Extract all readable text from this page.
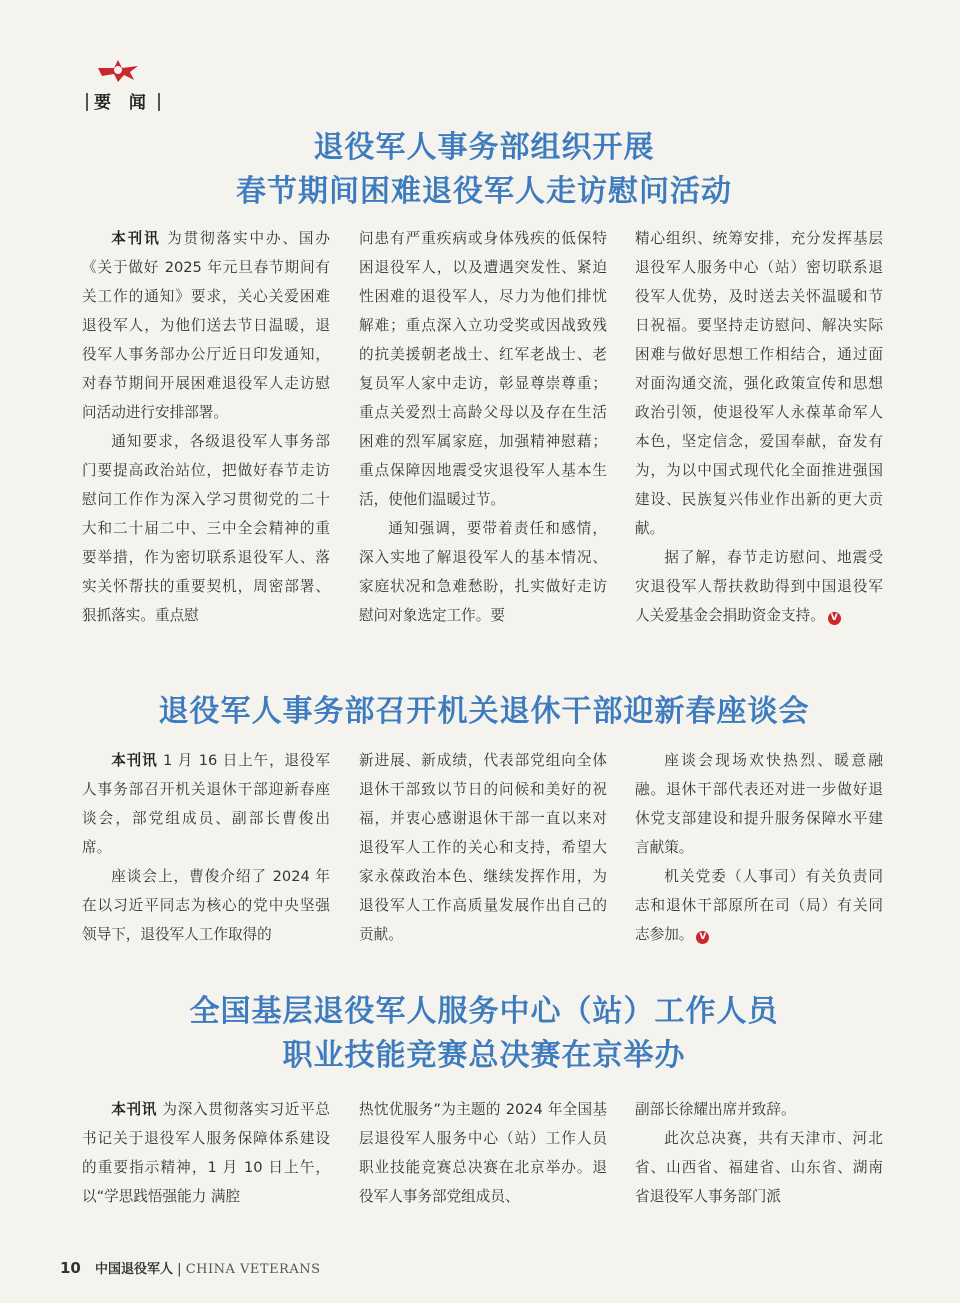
要 闻
退役军人事务部组织开展
春节期间困难退役军人走访慰问活动

本刊讯 为贯彻落实中办、国办《关于做好 2025 年元旦春节期间有关工作的通知》要求，关心关爱困难退役军人，为他们送去节日温暖，退役军人事务部办公厅近日印发通知，对春节期间开展困难退役军人走访慰问活动进行安排部署。

通知要求，各级退役军人事务部门要提高政治站位，把做好春节走访慰问工作作为深入学习贯彻党的二十大和二十届二中、三中全会精神的重要举措，作为密切联系退役军人、落实关怀帮扶的重要契机，周密部署、狠抓落实。重点慰

问患有严重疾病或身体残疾的低保特困退役军人，以及遭遇突发性、紧迫性困难的退役军人，尽力为他们排忧解难；重点深入立功受奖或因战致残的抗美援朝老战士、红军老战士、老复员军人家中走访，彰显尊崇尊重；重点关爱烈士高龄父母以及存在生活困难的烈军属家庭，加强精神慰藉；重点保障因地震受灾退役军人基本生活，使他们温暖过节。

通知强调，要带着责任和感情，深入实地了解退役军人的基本情况、家庭状况和急难愁盼，扎实做好走访慰问对象选定工作。要

精心组织、统筹安排，充分发挥基层退役军人服务中心（站）密切联系退役军人优势，及时送去关怀温暖和节日祝福。要坚持走访慰问、解决实际困难与做好思想工作相结合，通过面对面沟通交流，强化政策宣传和思想政治引领，使退役军人永葆革命军人本色，坚定信念，爱国奉献，奋发有为，为以中国式现代化全面推进强国建设、民族复兴伟业作出新的更大贡献。

据了解，春节走访慰问、地震受灾退役军人帮扶救助得到中国退役军人关爱基金会捐助资金支持。 V

退役军人事务部召开机关退休干部迎新春座谈会

本刊讯 1 月 16 日上午，退役军人事务部召开机关退休干部迎新春座谈会，部党组成员、副部长曹俊出席。

座谈会上，曹俊介绍了 2024 年在以习近平同志为核心的党中央坚强领导下，退役军人工作取得的

新进展、新成绩，代表部党组向全体退休干部致以节日的问候和美好的祝福，并衷心感谢退休干部一直以来对退役军人工作的关心和支持，希望大家永葆政治本色、继续发挥作用，为退役军人工作高质量发展作出自己的贡献。

座谈会现场欢快热烈、暖意融融。退休干部代表还对进一步做好退休党支部建设和提升服务保障水平建言献策。

机关党委（人事司）有关负责同志和退休干部原所在司（局）有关同志参加。 V

全国基层退役军人服务中心（站）工作人员
职业技能竞赛总决赛在京举办

本刊讯 为深入贯彻落实习近平总书记关于退役军人服务保障体系建设的重要指示精神，1 月 10 日上午，以“学思践悟强能力 满腔

热忱优服务”为主题的 2024 年全国基层退役军人服务中心（站）工作人员职业技能竞赛总决赛在北京举办。退役军人事务部党组成员、

副部长徐耀出席并致辞。

此次总决赛，共有天津市、河北省、山西省、福建省、山东省、湖南省退役军人事务部门派

10 中国退役军人 | CHINA VETERANS
